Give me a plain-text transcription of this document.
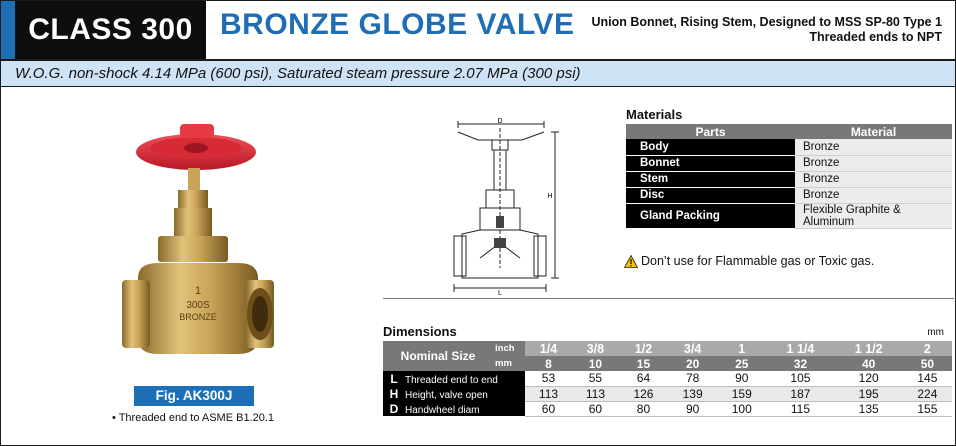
CLASS 300 BRONZE GLOBE VALVE Union Bonnet, Rising Stem, Designed to MSS SP-80 Type 1
Threaded ends to NPT
W.O.G. non-shock 4.14 MPa (600 psi), Saturated steam pressure 2.07 MPa (300 psi)
1
300S
BRONZE
Fig. AK300J
• Threaded end to ASME B1.20.1
D
H
L
Materials
Parts	Material
Body	Bronze
Bonnet	Bronze
Stem	Bronze
Disc	Bronze
Gland Packing	Flexible Graphite & Aluminum
Don’t use for Flammable gas or Toxic gas.
Dimensions	mm
Nominal Size	inch	1/4	3/8	1/2	3/4	1	1 1/4	1 1/2	2
	mm	8	10	15	20	25	32	40	50
L Threaded end to end		53	55	64	78	90	105	120	145
H Height, valve open		113	113	126	139	159	187	195	224
D Handwheel diam		60	60	80	90	100	115	135	155
